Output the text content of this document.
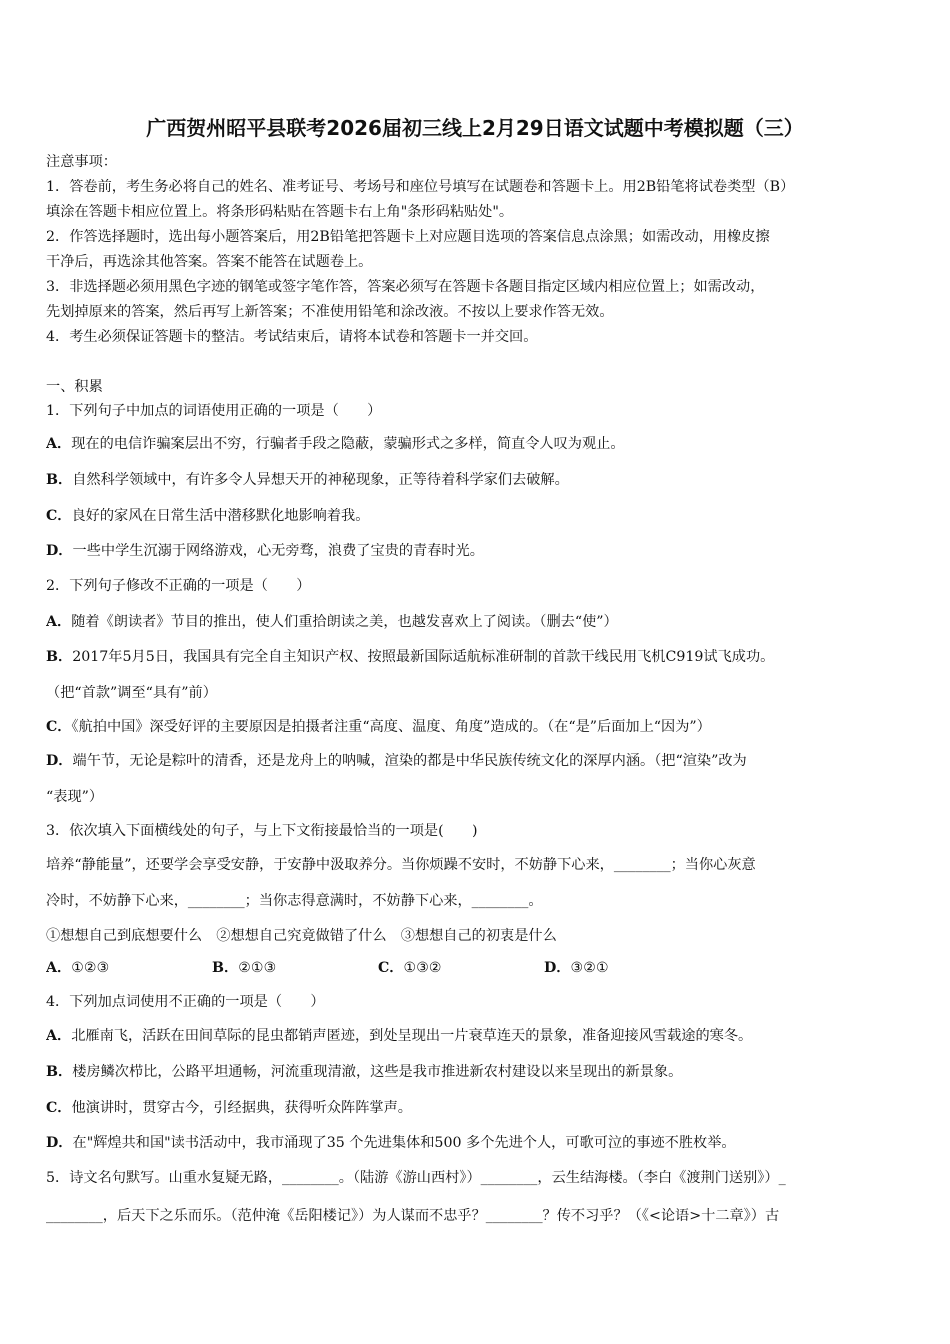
广西贺州昭平县联考2026届初三线上2月29日语文试题中考模拟题（三）
注意事项：
1．答卷前，考生务必将自己的姓名、准考证号、考场号和座位号填写在试题卷和答题卡上。用2B铅笔将试卷类型（B）
填涂在答题卡相应位置上。将条形码粘贴在答题卡右上角"条形码粘贴处"。
2．作答选择题时，选出每小题答案后，用2B铅笔把答题卡上对应题目选项的答案信息点涂黑；如需改动，用橡皮擦
干净后，再选涂其他答案。答案不能答在试题卷上。
3．非选择题必须用黑色字迹的钢笔或签字笔作答，答案必须写在答题卡各题目指定区域内相应位置上；如需改动，
先划掉原来的答案，然后再写上新答案；不准使用铅笔和涂改液。不按以上要求作答无效。
4．考生必须保证答题卡的整洁。考试结束后，请将本试卷和答题卡一并交回。
一、积累
1．下列句子中加点的词语使用正确的一项是（　　）
A．现在的电信诈骗案层出不穷，行骗者手段之隐蔽，蒙骗形式之多样，简直令人叹为观止。
B．自然科学领域中，有许多令人异想天开的神秘现象，正等待着科学家们去破解。
C．良好的家风在日常生活中潜移默化地影响着我。
D．一些中学生沉溺于网络游戏，心无旁骛，浪费了宝贵的青春时光。
2．下列句子修改不正确的一项是（　　）
A．随着《朗读者》节目的推出，使人们重拾朗读之美，也越发喜欢上了阅读。（删去“使”）
B．2017年5月5日，我国具有完全自主知识产权、按照最新国际适航标准研制的首款干线民用飞机C919试飞成功。
（把“首款”调至“具有”前）
C．《航拍中国》深受好评的主要原因是拍摄者注重“高度、温度、角度”造成的。（在“是”后面加上“因为”）
D．端午节，无论是粽叶的清香，还是龙舟上的呐喊，渲染的都是中华民族传统文化的深厚内涵。（把“渲染”改为
“表现”）
3．依次填入下面横线处的句子，与上下文衔接最恰当的一项是(　　)
培养“静能量”，还要学会享受安静，于安静中汲取养分。当你烦躁不安时，不妨静下心来，________；当你心灰意
冷时，不妨静下心来，________；当你志得意满时，不妨静下心来，________。
①想想自己到底想要什么　②想想自己究竟做错了什么　③想想自己的初衷是什么
A．①②③	B．②①③	C．①③②	D．③②①
4．下列加点词使用不正确的一项是（　　）
A．北雁南飞，活跃在田间草际的昆虫都销声匿迹，到处呈现出一片衰草连天的景象，准备迎接风雪载途的寒冬。
B．楼房鳞次栉比，公路平坦通畅，河流重现清澈，这些是我市推进新农村建设以来呈现出的新景象。
C．他演讲时，贯穿古今，引经据典，获得听众阵阵掌声。
D．在"辉煌共和国"读书活动中，我市涌现了35 个先进集体和500 多个先进个人，可歌可泣的事迹不胜枚举。
5．诗文名句默写。山重水复疑无路，________。（陆游《游山西村》）________，云生结海楼。（李白《渡荆门送别》）_
________，后天下之乐而乐。（范仲淹《岳阳楼记》）为人谋而不忠乎？________？传不习乎？（《<论语>十二章》）古
